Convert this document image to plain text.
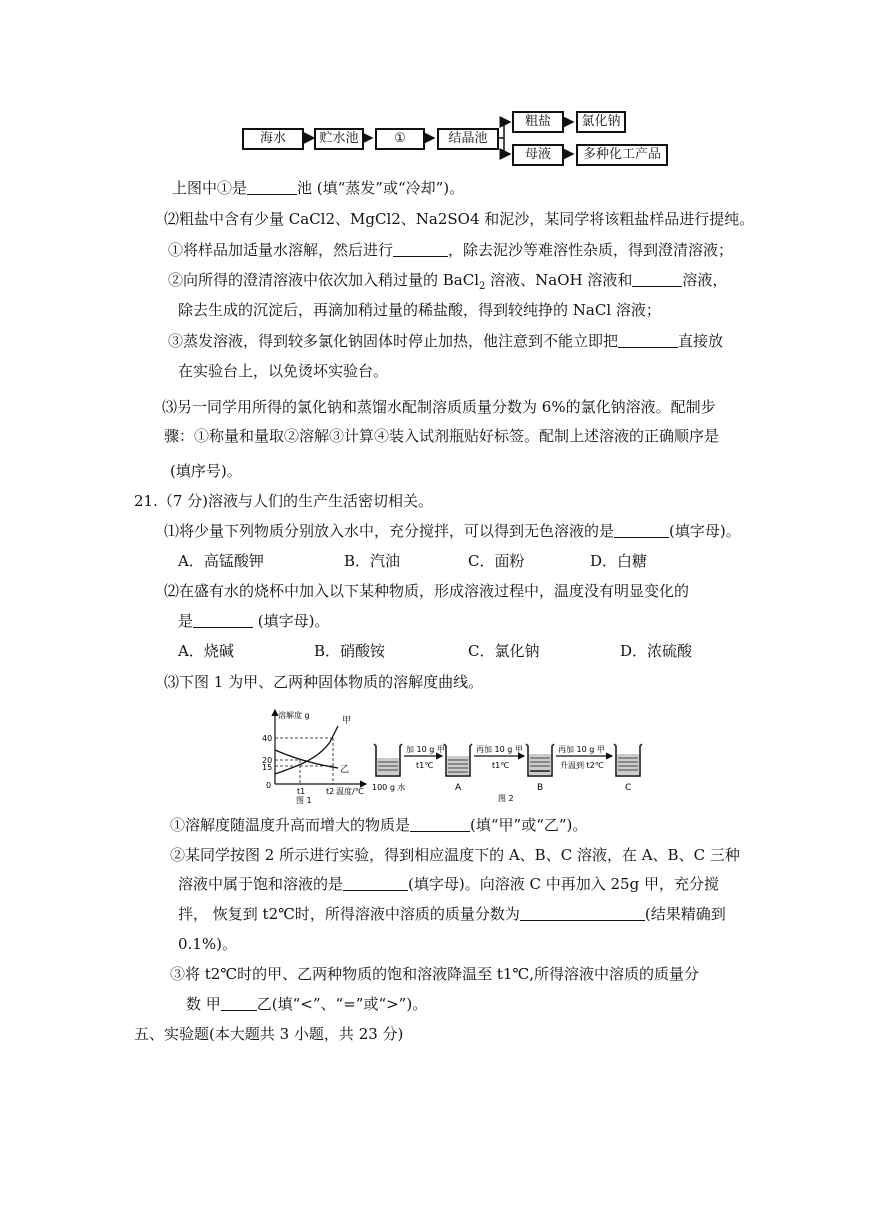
海水	贮水池	①	结晶池
粗盐	氯化钠
母液	多种化工产品
上图中①是	池 (填“蒸发”或“冷却”)。
⑵粗盐中含有少量 CaCl2、MgCl2、Na2SO4 和泥沙，某同学将该粗盐样品进行提纯。
①将样品加适量水溶解，然后进行	，除去泥沙等难溶性杂质，得到澄清溶液；
②向所得的澄清溶液中依次加入稍过量的 BaCl$_2$ 溶液、NaOH 溶液和	溶液，
除去生成的沉淀后，再滴加稍过量的稀盐酸，得到较纯挣的 NaCl 溶液；
③蒸发溶液，得到较多氯化钠固体时停止加热，他注意到不能立即把	直接放
在实验台上，以免烫坏实验台。
⑶另一同学用所得的氯化钠和蒸馏水配制溶质质量分数为 6%的氯化钠溶液。配制步
骤：①称量和量取②溶解③计算④装入试剂瓶贴好标签。配制上述溶液的正确顺序是
(填序号)。
21.（7 分)溶液与人们的生产生活密切相关。
⑴将少量下列物质分别放入水中，充分搅拌，可以得到无色溶液的是	(填字母)。
A．高锰酸钾	B．汽油	C．面粉	D．白糖
⑵在盛有水的烧杯中加入以下某种物质，形成溶液过程中，温度没有明显变化的
是	(填字母)。
A．烧碱	B．硝酸铵	C．氯化钠	D．浓硫酸
⑶下图 1 为甲、乙两种固体物质的溶解度曲线。
溶解度 g
40
20
15
0
t1	t2 温度/℃
甲
乙
图 1
加 10 g 甲
t1℃
再加 10 g 甲
t1℃
再加 10 g 甲
升温到 t2℃
100 g 水	A	B	C
图 2
①溶解度随温度升高而增大的物质是	(填“甲”或“乙”)。
②某同学按图 2 所示进行实验，得到相应温度下的 A、B、C 溶液，在 A、B、C 三种
溶液中属于饱和溶液的是	(填字母)。向溶液 C 中再加入 25g 甲，充分搅
拌， 恢复到 t2℃时，所得溶液中溶质的质量分数为	(结果精确到
0.1%)。
③将 t2℃时的甲、乙两种物质的饱和溶液降温至 t1℃,所得溶液中溶质的质量分
数 甲 乙(填“<”、“=”或“>”)。
五、实验题(本大题共 3 小题，共 23 分)
